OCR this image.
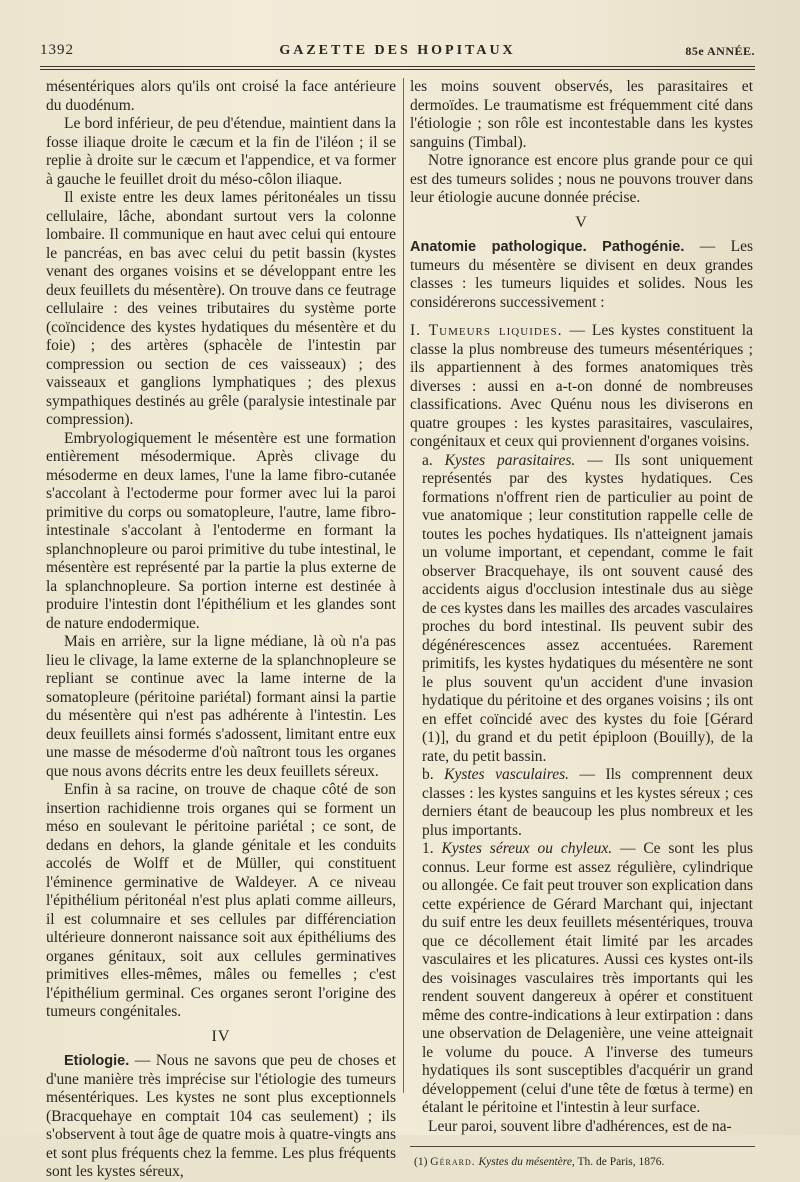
1392	GAZETTE DES HOPITAUX	85e ANNÉE.

mésentériques alors qu'ils ont croisé la face antérieure du duodénum.

Le bord inférieur, de peu d'étendue, maintient dans la fosse iliaque droite le cæcum et la fin de l'iléon ; il se replie à droite sur le cæcum et l'appendice, et va former à gauche le feuillet droit du méso-côlon iliaque.

Il existe entre les deux lames péritonéales un tissu cellulaire, lâche, abondant surtout vers la colonne lombaire. Il communique en haut avec celui qui entoure le pancréas, en bas avec celui du petit bassin (kystes venant des organes voisins et se développant entre les deux feuillets du mésentère). On trouve dans ce feutrage cellulaire : des veines tributaires du système porte (coïncidence des kystes hydatiques du mésentère et du foie) ; des artères (sphacèle de l'intestin par compression ou section de ces vaisseaux) ; des vaisseaux et ganglions lymphatiques ; des plexus sympathiques destinés au grêle (paralysie intestinale par compression).

Embryologiquement le mésentère est une formation entièrement mésodermique. Après clivage du mésoderme en deux lames, l'une la lame fibro-cutanée s'accolant à l'ectoderme pour former avec lui la paroi primitive du corps ou somatopleure, l'autre, lame fibro-intestinale s'accolant à l'entoderme en formant la splanchnopleure ou paroi primitive du tube intestinal, le mésentère est représenté par la partie la plus externe de la splanchnopleure. Sa portion interne est destinée à produire l'intestin dont l'épithélium et les glandes sont de nature endodermique.

Mais en arrière, sur la ligne médiane, là où n'a pas lieu le clivage, la lame externe de la splanchnopleure se repliant se continue avec la lame interne de la somatopleure (péritoine pariétal) formant ainsi la partie du mésentère qui n'est pas adhérente à l'intestin. Les deux feuillets ainsi formés s'adossent, limitant entre eux une masse de mésoderme d'où naîtront tous les organes que nous avons décrits entre les deux feuillets séreux.

Enfin à sa racine, on trouve de chaque côté de son insertion rachidienne trois organes qui se forment un méso en soulevant le péritoine pariétal ; ce sont, de dedans en dehors, la glande génitale et les conduits accolés de Wolff et de Müller, qui constituent l'éminence germinative de Waldeyer. A ce niveau l'épithélium péritonéal n'est plus aplati comme ailleurs, il est columnaire et ses cellules par différenciation ultérieure donneront naissance soit aux épithéliums des organes génitaux, soit aux cellules germinatives primitives elles-mêmes, mâles ou femelles ; c'est l'épithélium germinal. Ces organes seront l'origine des tumeurs congénitales.

IV

Etiologie. — Nous ne savons que peu de choses et d'une manière très imprécise sur l'étiologie des tumeurs mésentériques. Les kystes ne sont plus exceptionnels (Bracquehaye en comptait 104 cas seulement) ; ils s'observent à tout âge de quatre mois à quatre-vingts ans et sont plus fréquents chez la femme. Les plus fréquents sont les kystes séreux,

les moins souvent observés, les parasitaires et dermoïdes. Le traumatisme est fréquemment cité dans l'étiologie ; son rôle est incontestable dans les kystes sanguins (Timbal).

Notre ignorance est encore plus grande pour ce qui est des tumeurs solides ; nous ne pouvons trouver dans leur étiologie aucune donnée précise.

V

Anatomie pathologique. Pathogénie. — Les tumeurs du mésentère se divisent en deux grandes classes : les tumeurs liquides et solides. Nous les considérerons successivement :

I. Tumeurs liquides. — Les kystes constituent la classe la plus nombreuse des tumeurs mésentériques ; ils appartiennent à des formes anatomiques très diverses : aussi en a-t-on donné de nombreuses classifications. Avec Quénu nous les diviserons en quatre groupes : les kystes parasitaires, vasculaires, congénitaux et ceux qui proviennent d'organes voisins.

a. Kystes parasitaires. — Ils sont uniquement représentés par des kystes hydatiques. Ces formations n'offrent rien de particulier au point de vue anatomique ; leur constitution rappelle celle de toutes les poches hydatiques. Ils n'atteignent jamais un volume important, et cependant, comme le fait observer Bracquehaye, ils ont souvent causé des accidents aigus d'occlusion intestinale dus au siège de ces kystes dans les mailles des arcades vasculaires proches du bord intestinal. Ils peuvent subir des dégénérescences assez accentuées. Rarement primitifs, les kystes hydatiques du mésentère ne sont le plus souvent qu'un accident d'une invasion hydatique du péritoine et des organes voisins ; ils ont en effet coïncidé avec des kystes du foie [Gérard (1)], du grand et du petit épiploon (Bouilly), de la rate, du petit bassin.

b. Kystes vasculaires. — Ils comprennent deux classes : les kystes sanguins et les kystes séreux ; ces derniers étant de beaucoup les plus nombreux et les plus importants.

1. Kystes séreux ou chyleux. — Ce sont les plus connus. Leur forme est assez régulière, cylindrique ou allongée. Ce fait peut trouver son explication dans cette expérience de Gérard Marchant qui, injectant du suif entre les deux feuillets mésentériques, trouva que ce décollement était limité par les arcades vasculaires et les plicatures. Aussi ces kystes ont-ils des voisinages vasculaires très importants qui les rendent souvent dangereux à opérer et constituent même des contre-indications à leur extirpation : dans une observation de Delagenière, une veine atteignait le volume du pouce. A l'inverse des tumeurs hydatiques ils sont susceptibles d'acquérir un grand développement (celui d'une tête de fœtus à terme) en étalant le péritoine et l'intestin à leur surface.

Leur paroi, souvent libre d'adhérences, est de na-

(1) Gérard. Kystes du mésentère, Th. de Paris, 1876.
